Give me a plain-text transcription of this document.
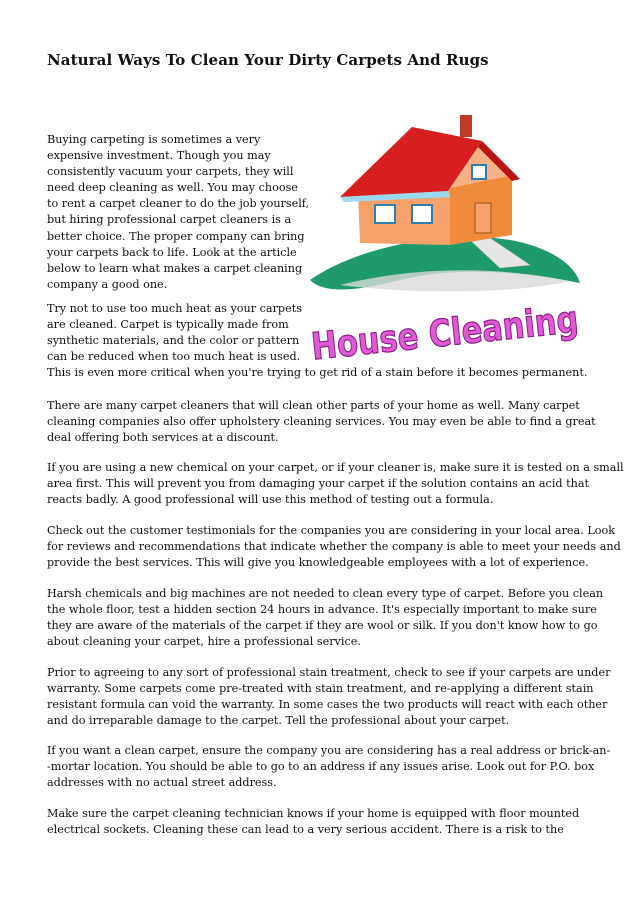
Natural Ways To Clean Your Dirty Carpets And Rugs
House Cleaning
Buying carpeting is sometimes a very
expensive investment. Though you may
consistently vacuum your carpets, they will
need deep cleaning as well. You may choose
to rent a carpet cleaner to do the job yourself,
but hiring professional carpet cleaners is a
better choice. The proper company can bring
your carpets back to life. Look at the article
below to learn what makes a carpet cleaning
company a good one.
Try not to use too much heat as your carpets
are cleaned. Carpet is typically made from
synthetic materials, and the color or pattern
can be reduced when too much heat is used.
This is even more critical when you're trying to get rid of a stain before it becomes permanent.
There are many carpet cleaners that will clean other parts of your home as well. Many carpet
cleaning companies also offer upholstery cleaning services. You may even be able to find a great
deal offering both services at a discount.
If you are using a new chemical on your carpet, or if your cleaner is, make sure it is tested on a small
area first. This will prevent you from damaging your carpet if the solution contains an acid that
reacts badly. A good professional will use this method of testing out a formula.
Check out the customer testimonials for the companies you are considering in your local area. Look
for reviews and recommendations that indicate whether the company is able to meet your needs and
provide the best services. This will give you knowledgeable employees with a lot of experience.
Harsh chemicals and big machines are not needed to clean every type of carpet. Before you clean
the whole floor, test a hidden section 24 hours in advance. It's especially important to make sure
they are aware of the materials of the carpet if they are wool or silk. If you don't know how to go
about cleaning your carpet, hire a professional service.
Prior to agreeing to any sort of professional stain treatment, check to see if your carpets are under
warranty. Some carpets come pre-treated with stain treatment, and re-applying a different stain
resistant formula can void the warranty. In some cases the two products will react with each other
and do irreparable damage to the carpet. Tell the professional about your carpet.
If you want a clean carpet, ensure the company you are considering has a real address or brick-an-
-mortar location. You should be able to go to an address if any issues arise. Look out for P.O. box
addresses with no actual street address.
Make sure the carpet cleaning technician knows if your home is equipped with floor mounted
electrical sockets. Cleaning these can lead to a very serious accident. There is a risk to the
